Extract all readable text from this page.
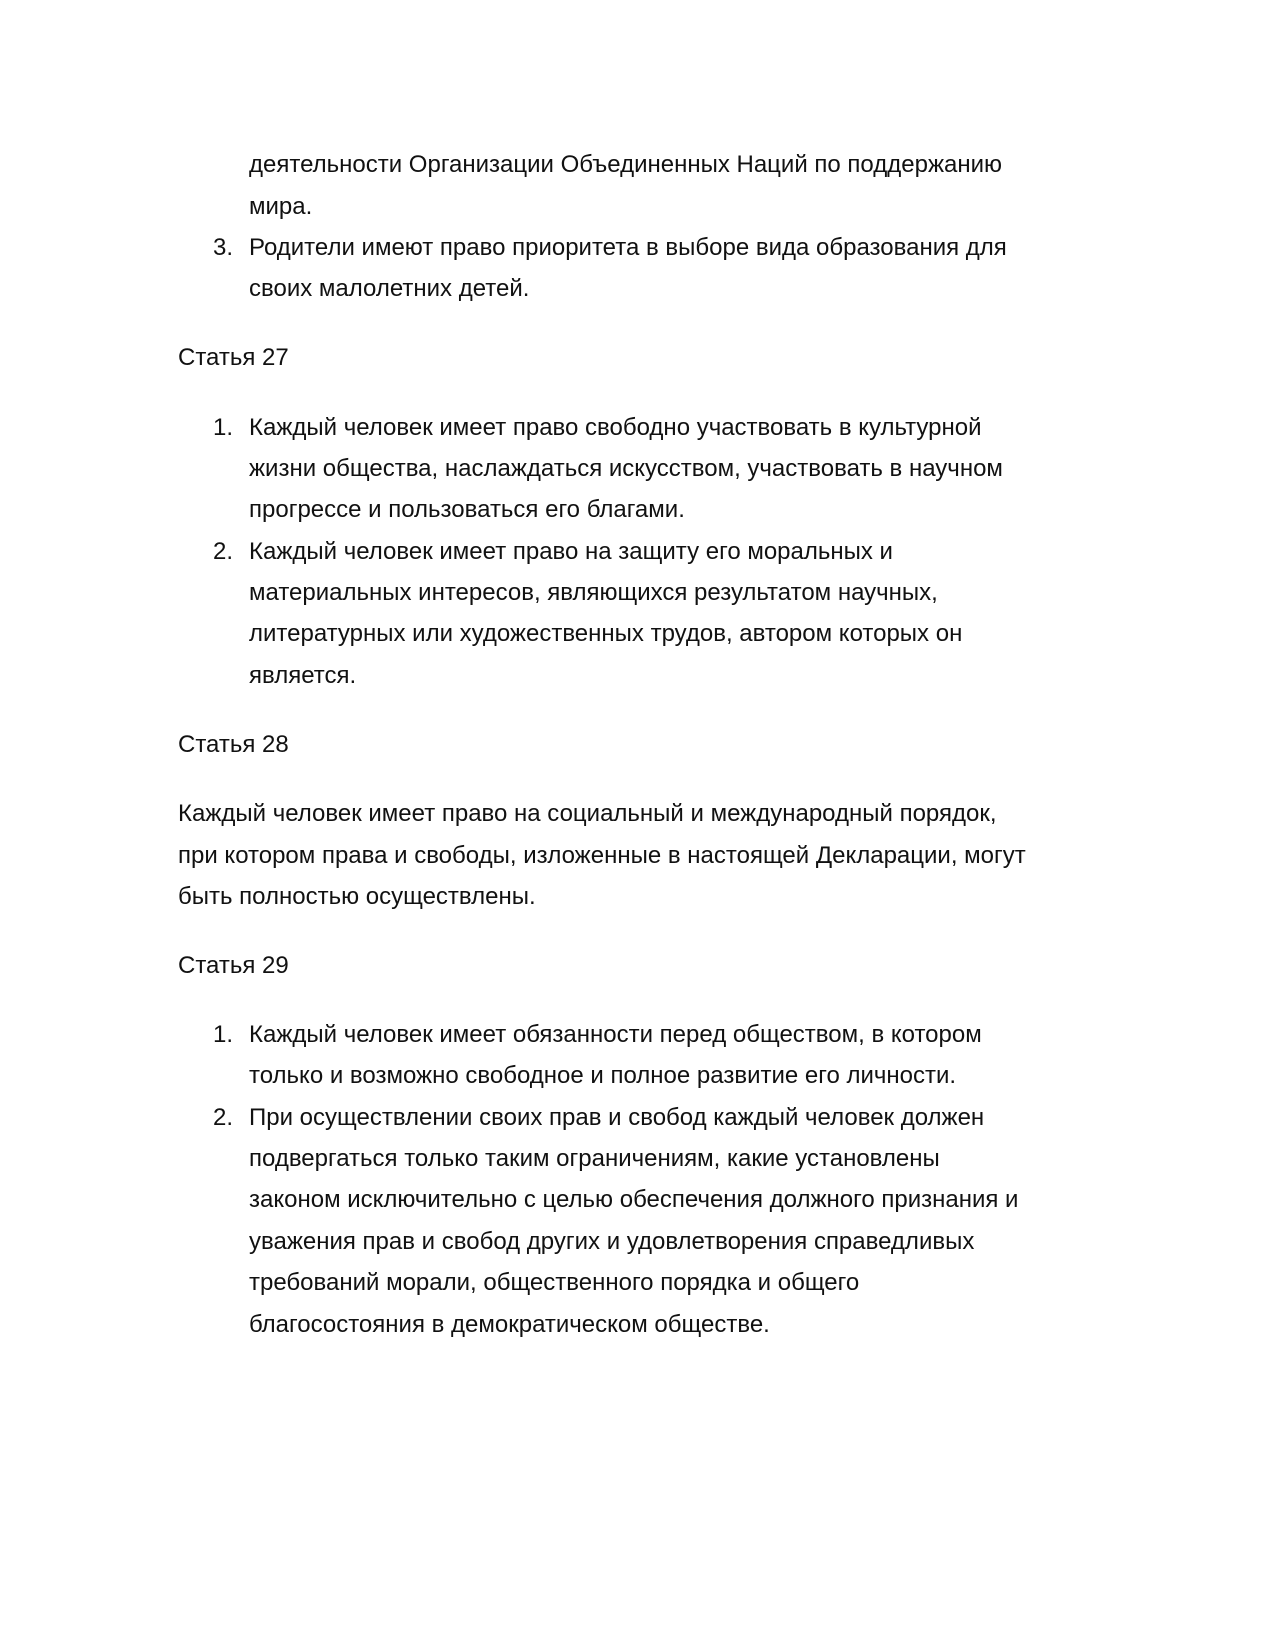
деятельности Организации Объединенных Наций по поддержанию
мира.
3. Родители имеют право приоритета в выборе вида образования для
своих малолетних детей.
Статья 27
1. Каждый человек имеет право свободно участвовать в культурной
жизни общества, наслаждаться искусством, участвовать в научном
прогрессе и пользоваться его благами.
2. Каждый человек имеет право на защиту его моральных и
материальных интересов, являющихся результатом научных,
литературных или художественных трудов, автором которых он
является.
Статья 28
Каждый человек имеет право на социальный и международный порядок,
при котором права и свободы, изложенные в настоящей Декларации, могут
быть полностью осуществлены.
Статья 29
1. Каждый человек имеет обязанности перед обществом, в котором
только и возможно свободное и полное развитие его личности.
2. При осуществлении своих прав и свобод каждый человек должен
подвергаться только таким ограничениям, какие установлены
законом исключительно с целью обеспечения должного признания и
уважения прав и свобод других и удовлетворения справедливых
требований морали, общественного порядка и общего
благосостояния в демократическом обществе.
